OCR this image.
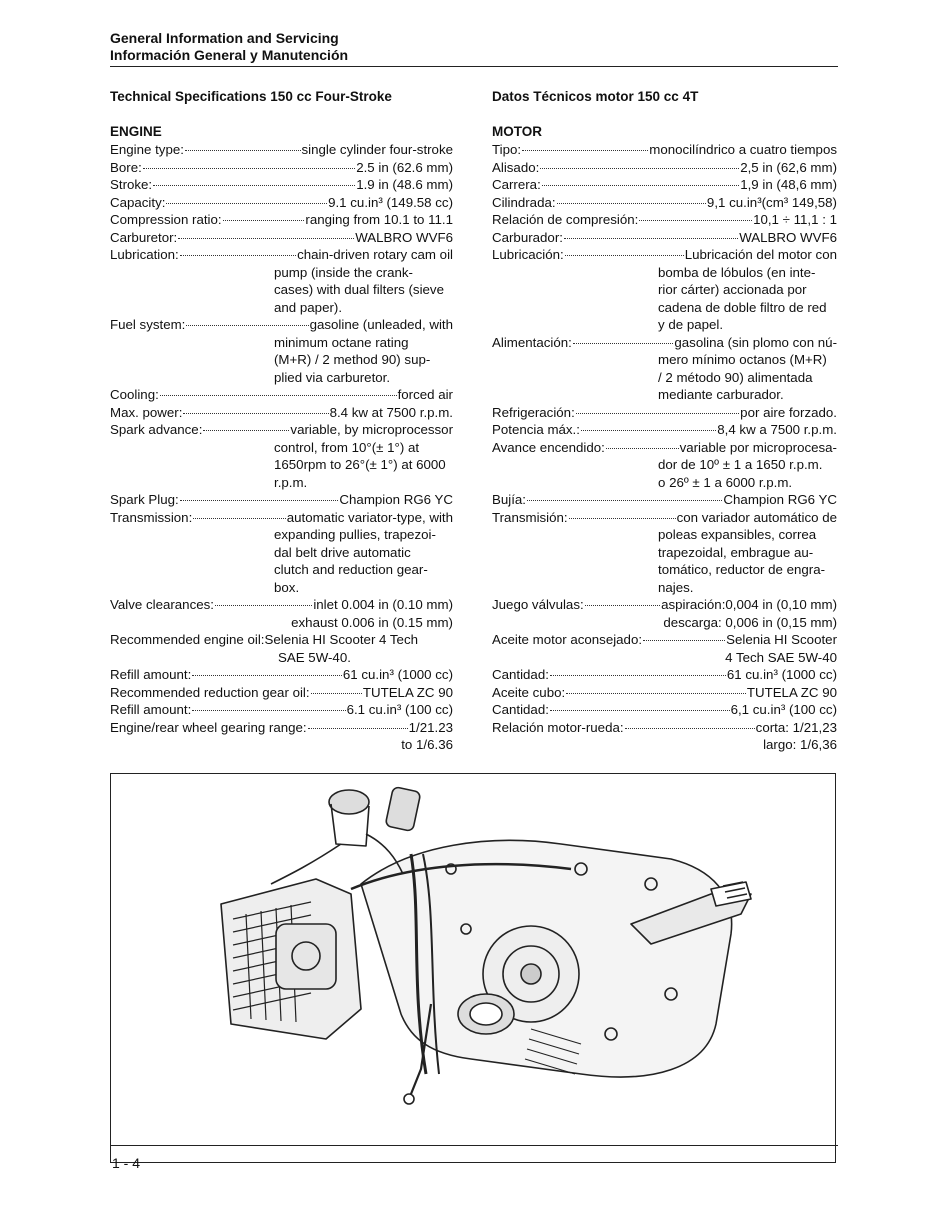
General Information and Servicing
Información General y Manutención
Technical Specifications 150 cc Four-Stroke	Datos Técnicos motor 150 cc 4T
ENGINE	MOTOR
Engine type:	single cylinder four-stroke
Bore:	2.5 in (62.6 mm)
Stroke:	1.9 in (48.6 mm)
Capacity:	9.1 cu.in³ (149.58 cc)
Compression ratio:	ranging from 10.1 to 11.1
Carburetor:	WALBRO WVF6
Lubrication:	chain-driven rotary cam oil
pump (inside the crank-
cases) with dual filters (sieve
and paper).
Fuel system:	gasoline (unleaded, with
minimum octane rating
(M+R) / 2 method 90) sup-
plied via carburetor.
Cooling:	forced air
Max. power:	8.4 kw at 7500 r.p.m.
Spark advance:	variable, by microprocessor
control, from 10°(± 1°) at
1650rpm to 26°(± 1°) at 6000
r.p.m.
Spark Plug:	Champion RG6 YC
Transmission:	automatic variator-type, with
expanding pullies, trapezoi-
dal belt drive automatic
clutch and reduction gear-
box.
Valve clearances:	inlet 0.004 in (0.10 mm)
exhaust 0.006 in (0.15 mm)
Recommended engine oil: Selenia HI Scooter 4 Tech
SAE 5W-40.
Refill amount:	61 cu.in³ (1000 cc)
Recommended reduction gear oil:	TUTELA ZC 90
Refill amount:	6.1 cu.in³ (100 cc)
Engine/rear wheel gearing range:	1/21.23
to 1/6.36
Tipo:	monocilíndrico a cuatro tiempos
Alisado:	2,5 in (62,6 mm)
Carrera:	1,9 in (48,6 mm)
Cilindrada:	9,1 cu.in³(cm³ 149,58)
Relación de compresión:	10,1 ÷ 11,1 : 1
Carburador:	WALBRO WVF6
Lubricación:	Lubricación del motor con
bomba de lóbulos (en inte-
rior cárter) accionada por
cadena de doble filtro de red
y de papel.
Alimentación:	gasolina (sin plomo con nú-
mero mínimo octanos (M+R)
/ 2 método 90) alimentada
mediante carburador.
Refrigeración:	por aire forzado.
Potencia máx.:	8,4 kw a 7500 r.p.m.
Avance encendido:	variable por microprocesa-
dor de 10º ± 1 a 1650 r.p.m.
o 26º ± 1 a 6000 r.p.m.
Bujía:	Champion RG6 YC
Transmisión:	con variador automático de
poleas expansibles, correa
trapezoidal, embrague au-
tomático, reductor de engra-
najes.
Juego válvulas:	aspiración:0,004 in (0,10 mm)
descarga: 0,006 in (0,15 mm)
Aceite motor aconsejado:	Selenia HI Scooter
4 Tech SAE 5W-40
Cantidad:	61 cu.in³ (1000 cc)
Aceite cubo:	TUTELA ZC 90
Cantidad:	6,1 cu.in³ (100 cc)
Relación motor-rueda:	corta: 1/21,23
largo: 1/6,36
1 - 4
